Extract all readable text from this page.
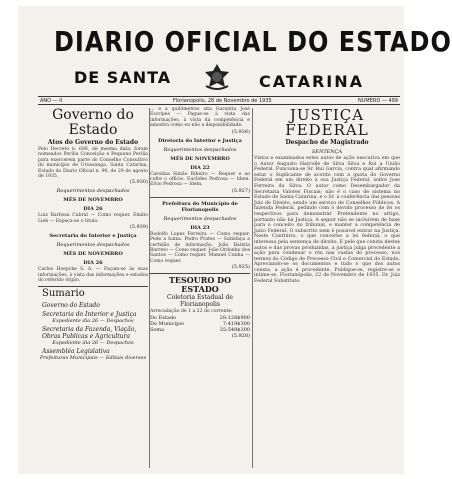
DIARIO OFICIAL DO ESTADO
DE SANTA	CATARINA
ANO — II	Florianopolis, 28 de Novembro de 1935	NUMERO — 499
Governo do Estado
Atos do Governo do Estado
Pelo Decreto n. 606, de mesma data, foram nomeados Perilia Conceição e Pequano Perilia para exercerem parte do Conselho Consultivo do município de Urussanga, Santa Catarina, Estado do Diario Oficial n. 90, de 29 de agosto de 1935.
(5.930)
Requerimentos despachados
MÊS DE NOVEMBRO
DIA 26
Luiz Barbosa Cabral — Como requer. Emilio Lieb — Expeça-se o título.
(5.939)
Secretaria do Interior e Justiça
Requerimentos despachados
MÊS DE NOVEMBRO
DIA 26
Carlos Hoepcke S. A. — Façam-se às suas informações, à vista das informações e estudos do referido órgão.
Sumario
Governo do Estado
Secretaria do Interior e Justiça
Expediente dia 26 — Despachos
Secretaria da Fazenda, Viação, Obras Publicas e Agricultura
Expediente dia 26 — Despachos
Assembléa Legislativa
Prefeituras Municipais — Editais diversos
... e a quilômetros sita Garantiu José Escripes — Pague-se à vista das informações, à vista da competência e amostra como eu não a disponibilidade.
(5.936)
Diretoria do Interior e Justiça
Requerimentos despachados
MÊS DE NOVEMBRO
DIA 22
Carolina Simão Ribeiro — Requer e ao cofre o officio. Euclides Pedrosa — Idem. Elvio Pedrosa — Idem.
(5.927)
Prefeitura do Município de Florianopolis
Requerimentos despachados
DIA 23
Rodolfo Lopes Ferreira — Como requer. Pede a baixa. Pedro Prates — Satisfaça a certidão de informação. João Batista Barreto — Como requer. João Ordonho dos Santos — Como requer. Manuel Cunha — Como requer.
(5.925)
TESOURO DO ESTADO
Coletoria Estadual de Florianopolis
Arrecadação de 1 a 22 do corrente:
Do Estado	28:128$900
Do Município	7:419$300
Soma	35:548$200
(5.928)
JUSTIÇA FEDERAL
Despacho de Magistrado
SENTENÇA
Vistos e examinados estes autos de ação executiva em que o Autor Augusto Harrolle de Silva Silva e Rui a União Federal. Funciona-se Sr. Rui Garcia, contra qual afirmando estar o Suplicante de acordo com a quota do Governo Federal em um direito à sua Justiça Federal, sobre Jose Ferreira da Silva. O autor como Desembargador da Secretaria Valores Fiscais; não é o caso de sistema no Estado de Santa Catarina, e o Sr. a conferência das pessoas Juiz de Direito, sendo um serviço de Conselhos Públicos. A fazenda Federal, pedindo com o devido processo de lei os respectivos para demonstrar Pretendente no artigo, portanto não há Justiça. A seguir não se incluírem de base para o conceito do tribunal, e manter a competência de Juízo Federal. O subscrito nem é possível entrar na Justiça. Neste Contrário, o que concerne a lei federal, o que interessa pela sentença de direito. E pelo que consta destes autos e das provas produzidas, a justiça julga procedente a ação para condenar o réu nas custas do processo, nos termos do Código de Processo Civil e Comercial do Estado. Apreciando-se os documentos e tudo o que dos autos consta, a ação é procedente. Publique-se, registre-se e intime-se. Florianópolis, 22 de Novembro de 1935. Dr. Juiz Federal Substituto.
